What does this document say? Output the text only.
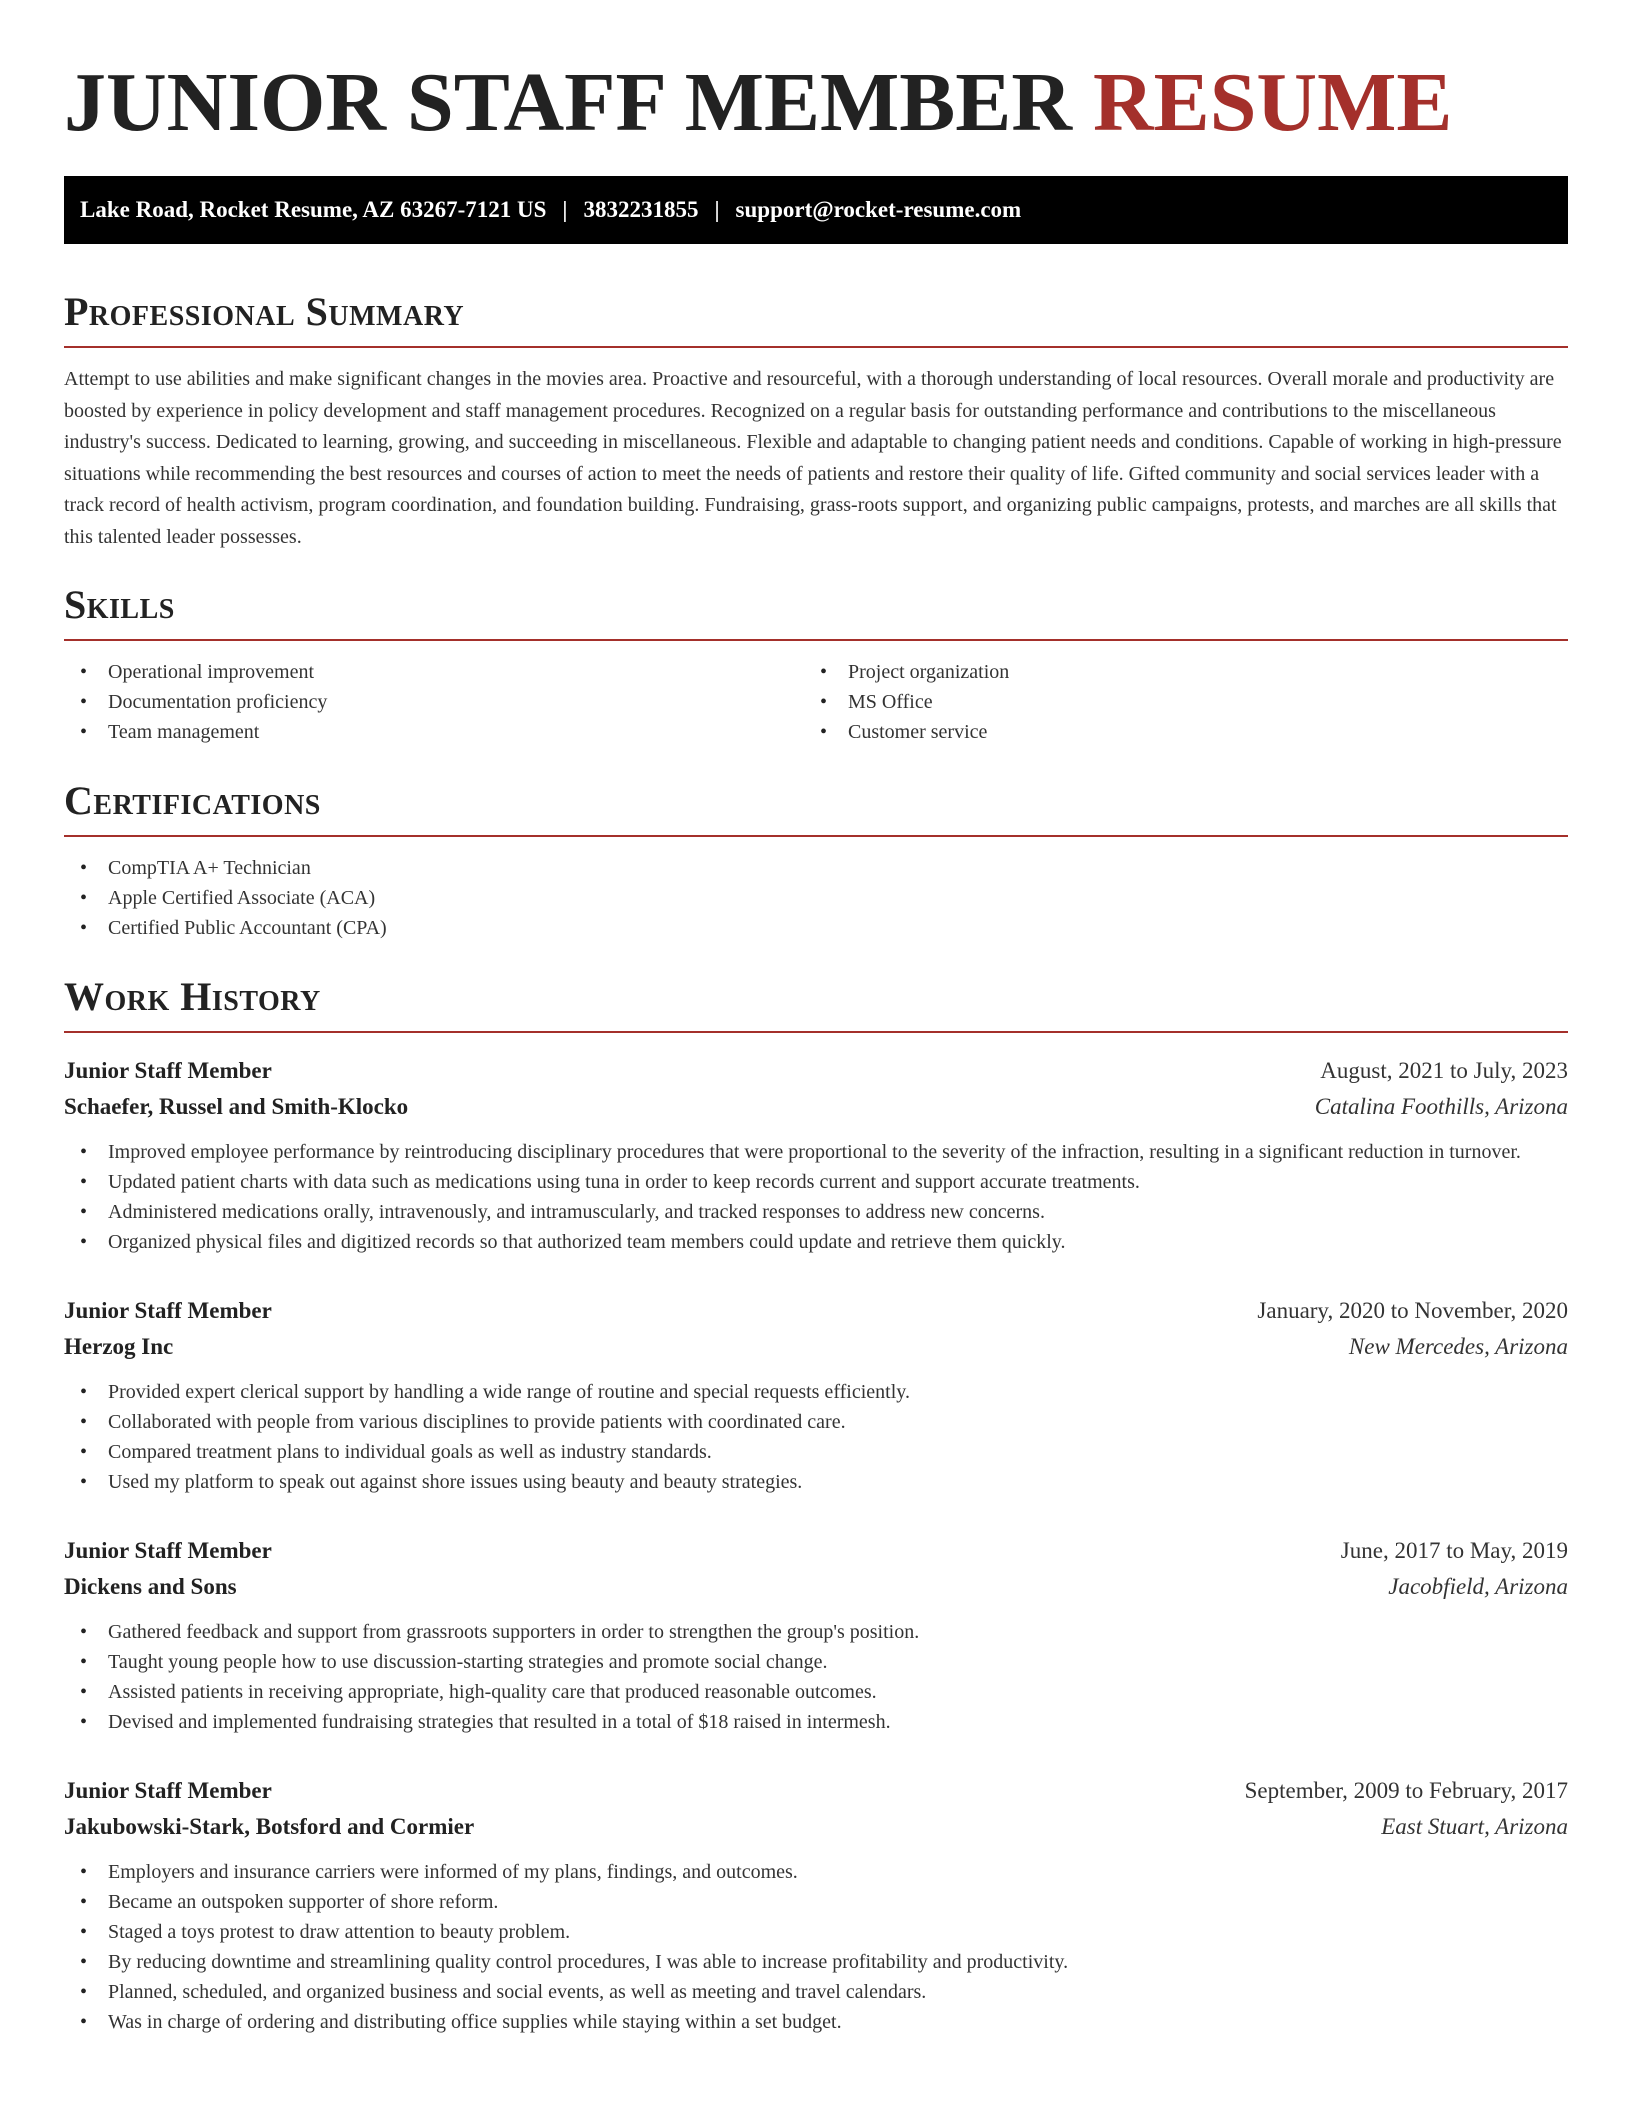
JUNIOR STAFF MEMBER RESUME
Lake Road, Rocket Resume, AZ 63267-7121 US | 3832231855 | support@rocket-resume.com
Professional Summary

Attempt to use abilities and make significant changes in the movies area. Proactive and resourceful, with a thorough understanding of local resources. Overall morale and productivity are boosted by experience in policy development and staff management procedures. Recognized on a regular basis for outstanding performance and contributions to the miscellaneous industry's success. Dedicated to learning, growing, and succeeding in miscellaneous. Flexible and adaptable to changing patient needs and conditions. Capable of working in high-pressure situations while recommending the best resources and courses of action to meet the needs of patients and restore their quality of life. Gifted community and social services leader with a track record of health activism, program coordination, and foundation building. Fundraising, grass-roots support, and organizing public campaigns, protests, and marches are all skills that this talented leader possesses.

Skills
• Operational improvement
• Documentation proficiency
• Team management
• Project organization
• MS Office
• Customer service
Certifications
• CompTIA A+ Technician
• Apple Certified Associate (ACA)
• Certified Public Accountant (CPA)
Work History
Junior Staff Member	August, 2021 to July, 2023
Schaefer, Russel and Smith-Klocko	Catalina Foothills, Arizona
• Improved employee performance by reintroducing disciplinary procedures that were proportional to the severity of the infraction, resulting in a significant reduction in turnover.
• Updated patient charts with data such as medications using tuna in order to keep records current and support accurate treatments.
• Administered medications orally, intravenously, and intramuscularly, and tracked responses to address new concerns.
• Organized physical files and digitized records so that authorized team members could update and retrieve them quickly.
Junior Staff Member	January, 2020 to November, 2020
Herzog Inc	New Mercedes, Arizona
• Provided expert clerical support by handling a wide range of routine and special requests efficiently.
• Collaborated with people from various disciplines to provide patients with coordinated care.
• Compared treatment plans to individual goals as well as industry standards.
• Used my platform to speak out against shore issues using beauty and beauty strategies.
Junior Staff Member	June, 2017 to May, 2019
Dickens and Sons	Jacobfield, Arizona
• Gathered feedback and support from grassroots supporters in order to strengthen the group's position.
• Taught young people how to use discussion-starting strategies and promote social change.
• Assisted patients in receiving appropriate, high-quality care that produced reasonable outcomes.
• Devised and implemented fundraising strategies that resulted in a total of $18 raised in intermesh.
Junior Staff Member	September, 2009 to February, 2017
Jakubowski-Stark, Botsford and Cormier	East Stuart, Arizona
• Employers and insurance carriers were informed of my plans, findings, and outcomes.
• Became an outspoken supporter of shore reform.
• Staged a toys protest to draw attention to beauty problem.
• By reducing downtime and streamlining quality control procedures, I was able to increase profitability and productivity.
• Planned, scheduled, and organized business and social events, as well as meeting and travel calendars.
• Was in charge of ordering and distributing office supplies while staying within a set budget.
